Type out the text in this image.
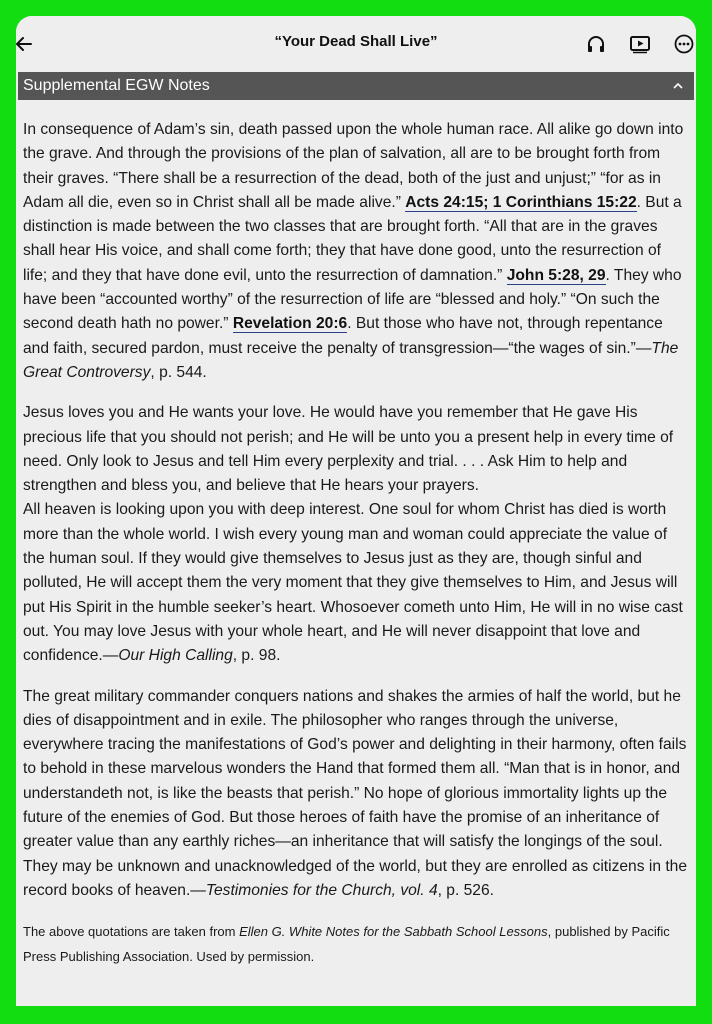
“Your Dead Shall Live”
Supplemental EGW Notes

In consequence of Adam’s sin, death passed upon the whole human race. All alike go down into the grave. And through the provisions of the plan of salvation, all are to be brought forth from their graves. “There shall be a resurrection of the dead, both of the just and unjust;” “for as in Adam all die, even so in Christ shall all be made alive.” Acts 24:15; 1 Corinthians 15:22. But a distinction is made between the two classes that are brought forth. “All that are in the graves shall hear His voice, and shall come forth; they that have done good, unto the resurrection of life; and they that have done evil, unto the resurrection of damnation.” John 5:28, 29. They who have been “accounted worthy” of the resurrection of life are “blessed and holy.” “On such the second death hath no power.” Revelation 20:6. But those who have not, through repentance and faith, secured pardon, must receive the penalty of transgression—“the wages of sin.”—The Great Controversy, p. 544.

Jesus loves you and He wants your love. He would have you remember that He gave His precious life that you should not perish; and He will be unto you a present help in every time of need. Only look to Jesus and tell Him every perplexity and trial. . . . Ask Him to help and strengthen and bless you, and believe that He hears your prayers.

All heaven is looking upon you with deep interest. One soul for whom Christ has died is worth more than the whole world. I wish every young man and woman could appreciate the value of the human soul. If they would give themselves to Jesus just as they are, though sinful and polluted, He will accept them the very moment that they give themselves to Him, and Jesus will put His Spirit in the humble seeker’s heart. Whosoever cometh unto Him, He will in no wise cast out. You may love Jesus with your whole heart, and He will never disappoint that love and confidence.—Our High Calling, p. 98.

The great military commander conquers nations and shakes the armies of half the world, but he dies of disappointment and in exile. The philosopher who ranges through the universe, everywhere tracing the manifestations of God’s power and delighting in their harmony, often fails to behold in these marvelous wonders the Hand that formed them all. “Man that is in honor, and understandeth not, is like the beasts that perish.” No hope of glorious immortality lights up the future of the enemies of God. But those heroes of faith have the promise of an inheritance of greater value than any earthly riches—an inheritance that will satisfy the longings of the soul. They may be unknown and unacknowledged of the world, but they are enrolled as citizens in the record books of heaven.—Testimonies for the Church, vol. 4, p. 526.

The above quotations are taken from Ellen G. White Notes for the Sabbath School Lessons, published by Pacific Press Publishing Association. Used by permission.
